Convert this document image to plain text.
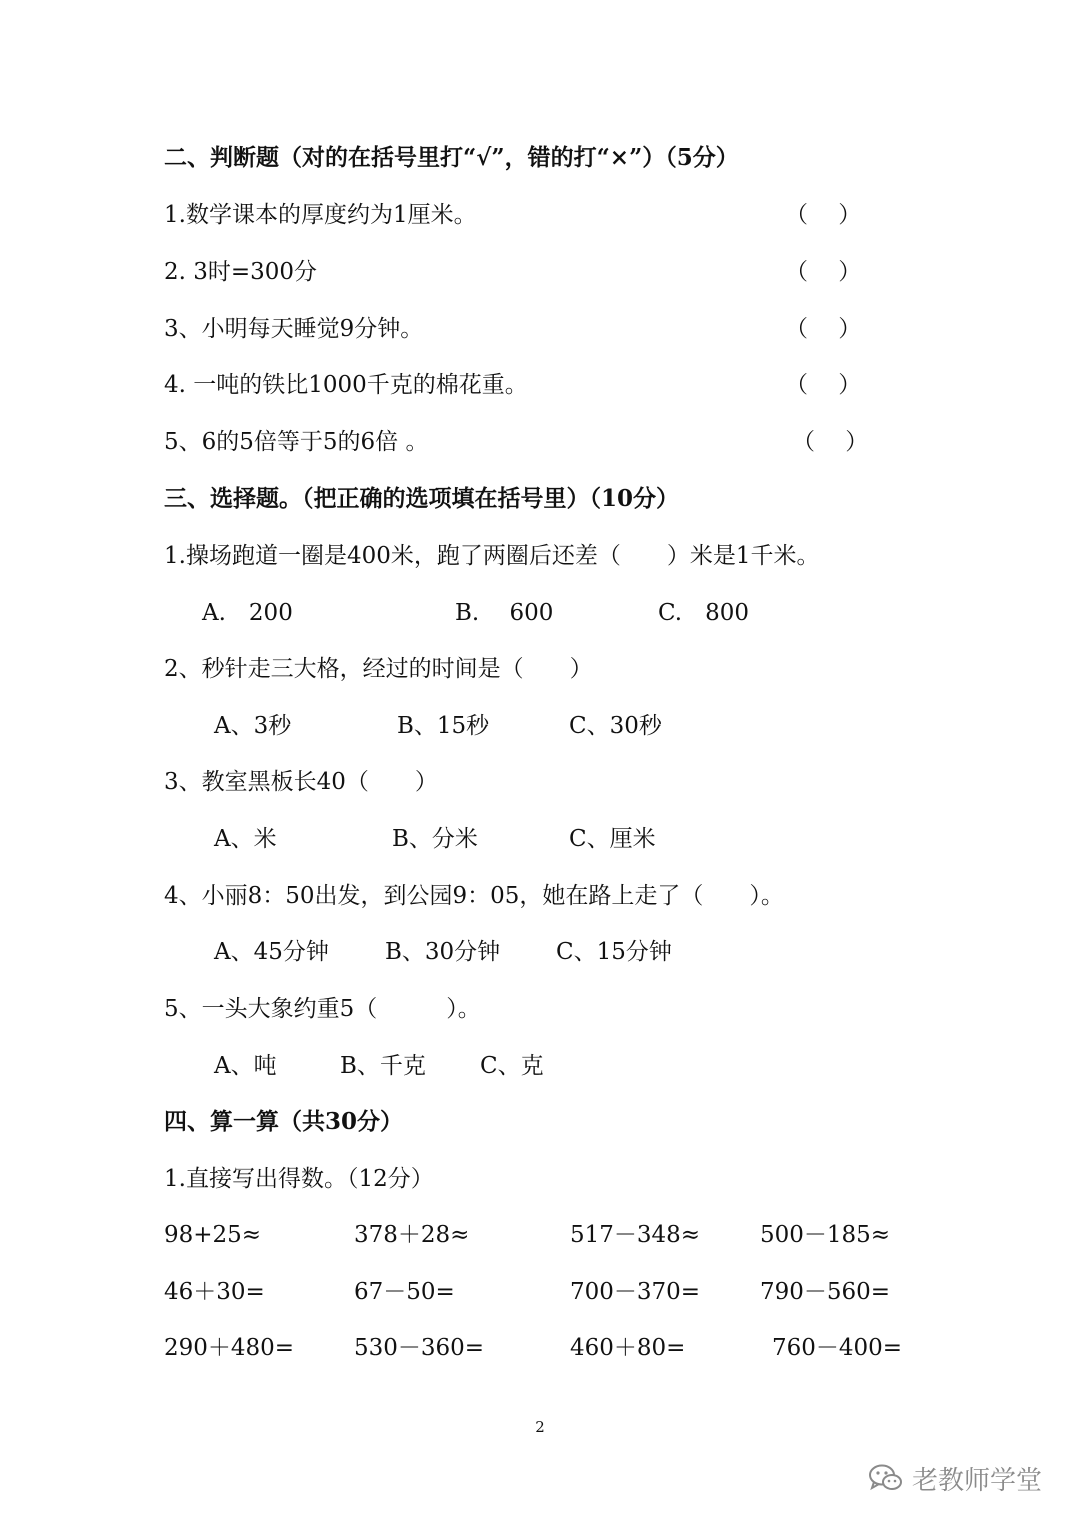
二、判断题（对的在括号里打“√”，错的打“×”）（5分）
1.数学课本的厚度约为1厘米。	（　 ）
2. 3时=300分	（　 ）
3、小明每天睡觉9分钟。	（　 ）
4. 一吨的铁比1000千克的棉花重。	（　 ）
5、6的5倍等于5的6倍 。	（　 ）
三、选择题。（把正确的选项填在括号里）（10分）
1.操场跑道一圈是400米，跑了两圈后还差（　　）米是1千米。
A.　200	B.　 600	C.　800
2、秒针走三大格，经过的时间是（　　）
A、3秒	B、15秒	C、30秒
3、教室黑板长40（　　）
A、米	B、分米	C、厘米
4、小丽8：50出发，到公园9：05，她在路上走了（　　）。
A、45分钟 B、30分钟 C、15分钟
5、一头大象约重5（　　　）。
A、吨	B、千克 C、克
四、算一算（共30分）
1.直接写出得数。（12分）
98+25≈	378＋28≈	517－348≈	500－185≈
46＋30=	67－50=	700－370=	790－560=
290＋480=	530－360=	460＋80=	760－400=
2
老教师学堂
